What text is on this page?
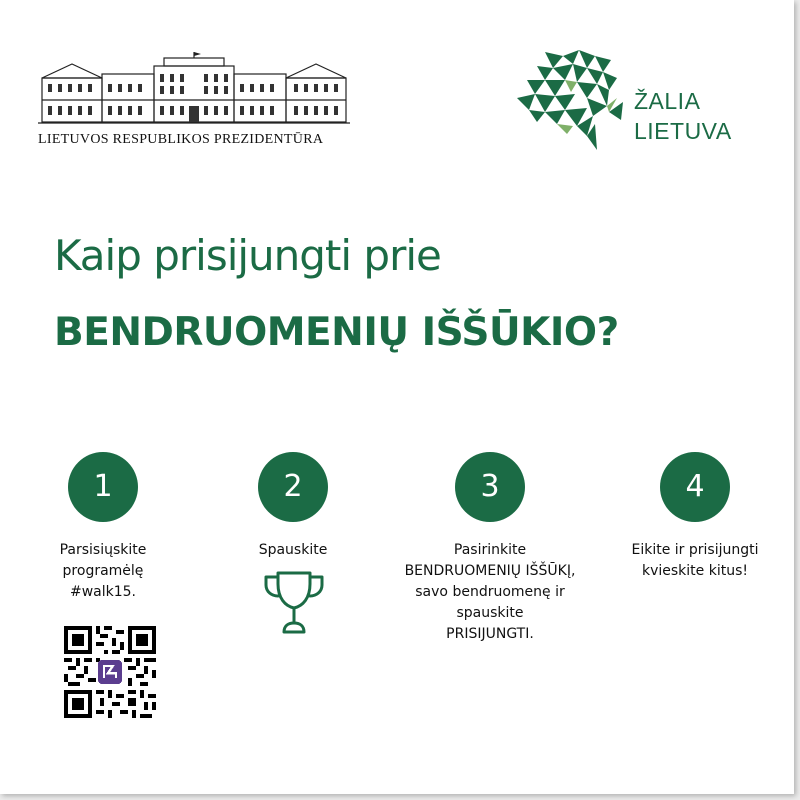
LIETUVOS RESPUBLIKOS PREZIDENTŪRA
ŽALIA
LIETUVA
Kaip prisijungti prie
BENDRUOMENIŲ IŠŠŪKIO?
1
Parsisiųskite
programėlę
#walk15.
2
Spauskite
3
Pasirinkite
BENDRUOMENIŲ IŠŠŪKĮ,
savo bendruomenę ir
spauskite
PRISIJUNGTI.
4
Eikite ir prisijungti
kvieskite kitus!
